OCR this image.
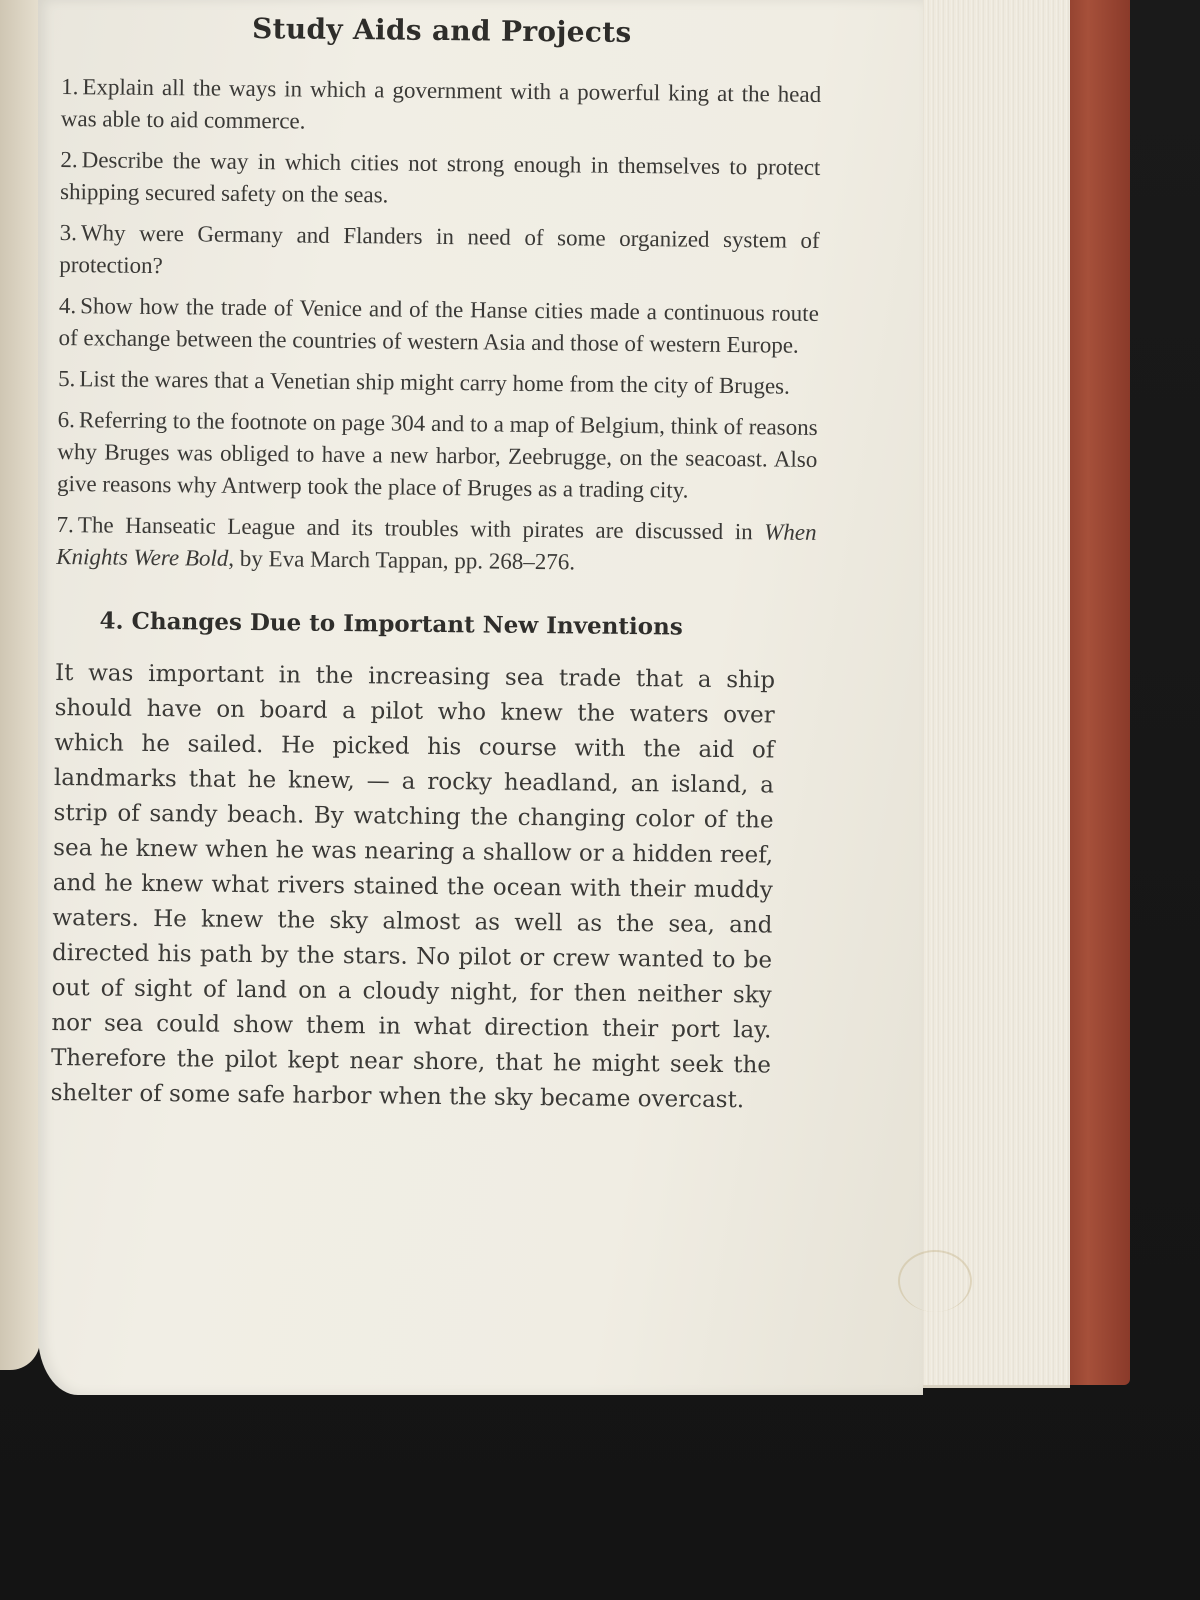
Study Aids and Projects
1. Explain all the ways in which a government with a powerful king at the head was able to aid commerce.
2. Describe the way in which cities not strong enough in themselves to protect shipping secured safety on the seas.
3. Why were Germany and Flanders in need of some organized system of protection?
4. Show how the trade of Venice and of the Hanse cities made a continuous route of exchange between the countries of western Asia and those of western Europe.
5. List the wares that a Venetian ship might carry home from the city of Bruges.
6. Referring to the footnote on page 304 and to a map of Belgium, think of reasons why Bruges was obliged to have a new harbor, Zeebrugge, on the seacoast. Also give reasons why Antwerp took the place of Bruges as a trading city.
7. The Hanseatic League and its troubles with pirates are discussed in When Knights Were Bold, by Eva March Tappan, pp. 268–276.
4. Changes Due to Important New Inventions

It was important in the increasing sea trade that a ship should have on board a pilot who knew the waters over which he sailed. He picked his course with the aid of landmarks that he knew, — a rocky headland, an island, a strip of sandy beach. By watching the changing color of the sea he knew when he was nearing a shallow or a hidden reef, and he knew what rivers stained the ocean with their muddy waters. He knew the sky almost as well as the sea, and directed his path by the stars. No pilot or crew wanted to be out of sight of land on a cloudy night, for then neither sky nor sea could show them in what direction their port lay. Therefore the pilot kept near shore, that he might seek the shelter of some safe harbor when the sky became overcast.
